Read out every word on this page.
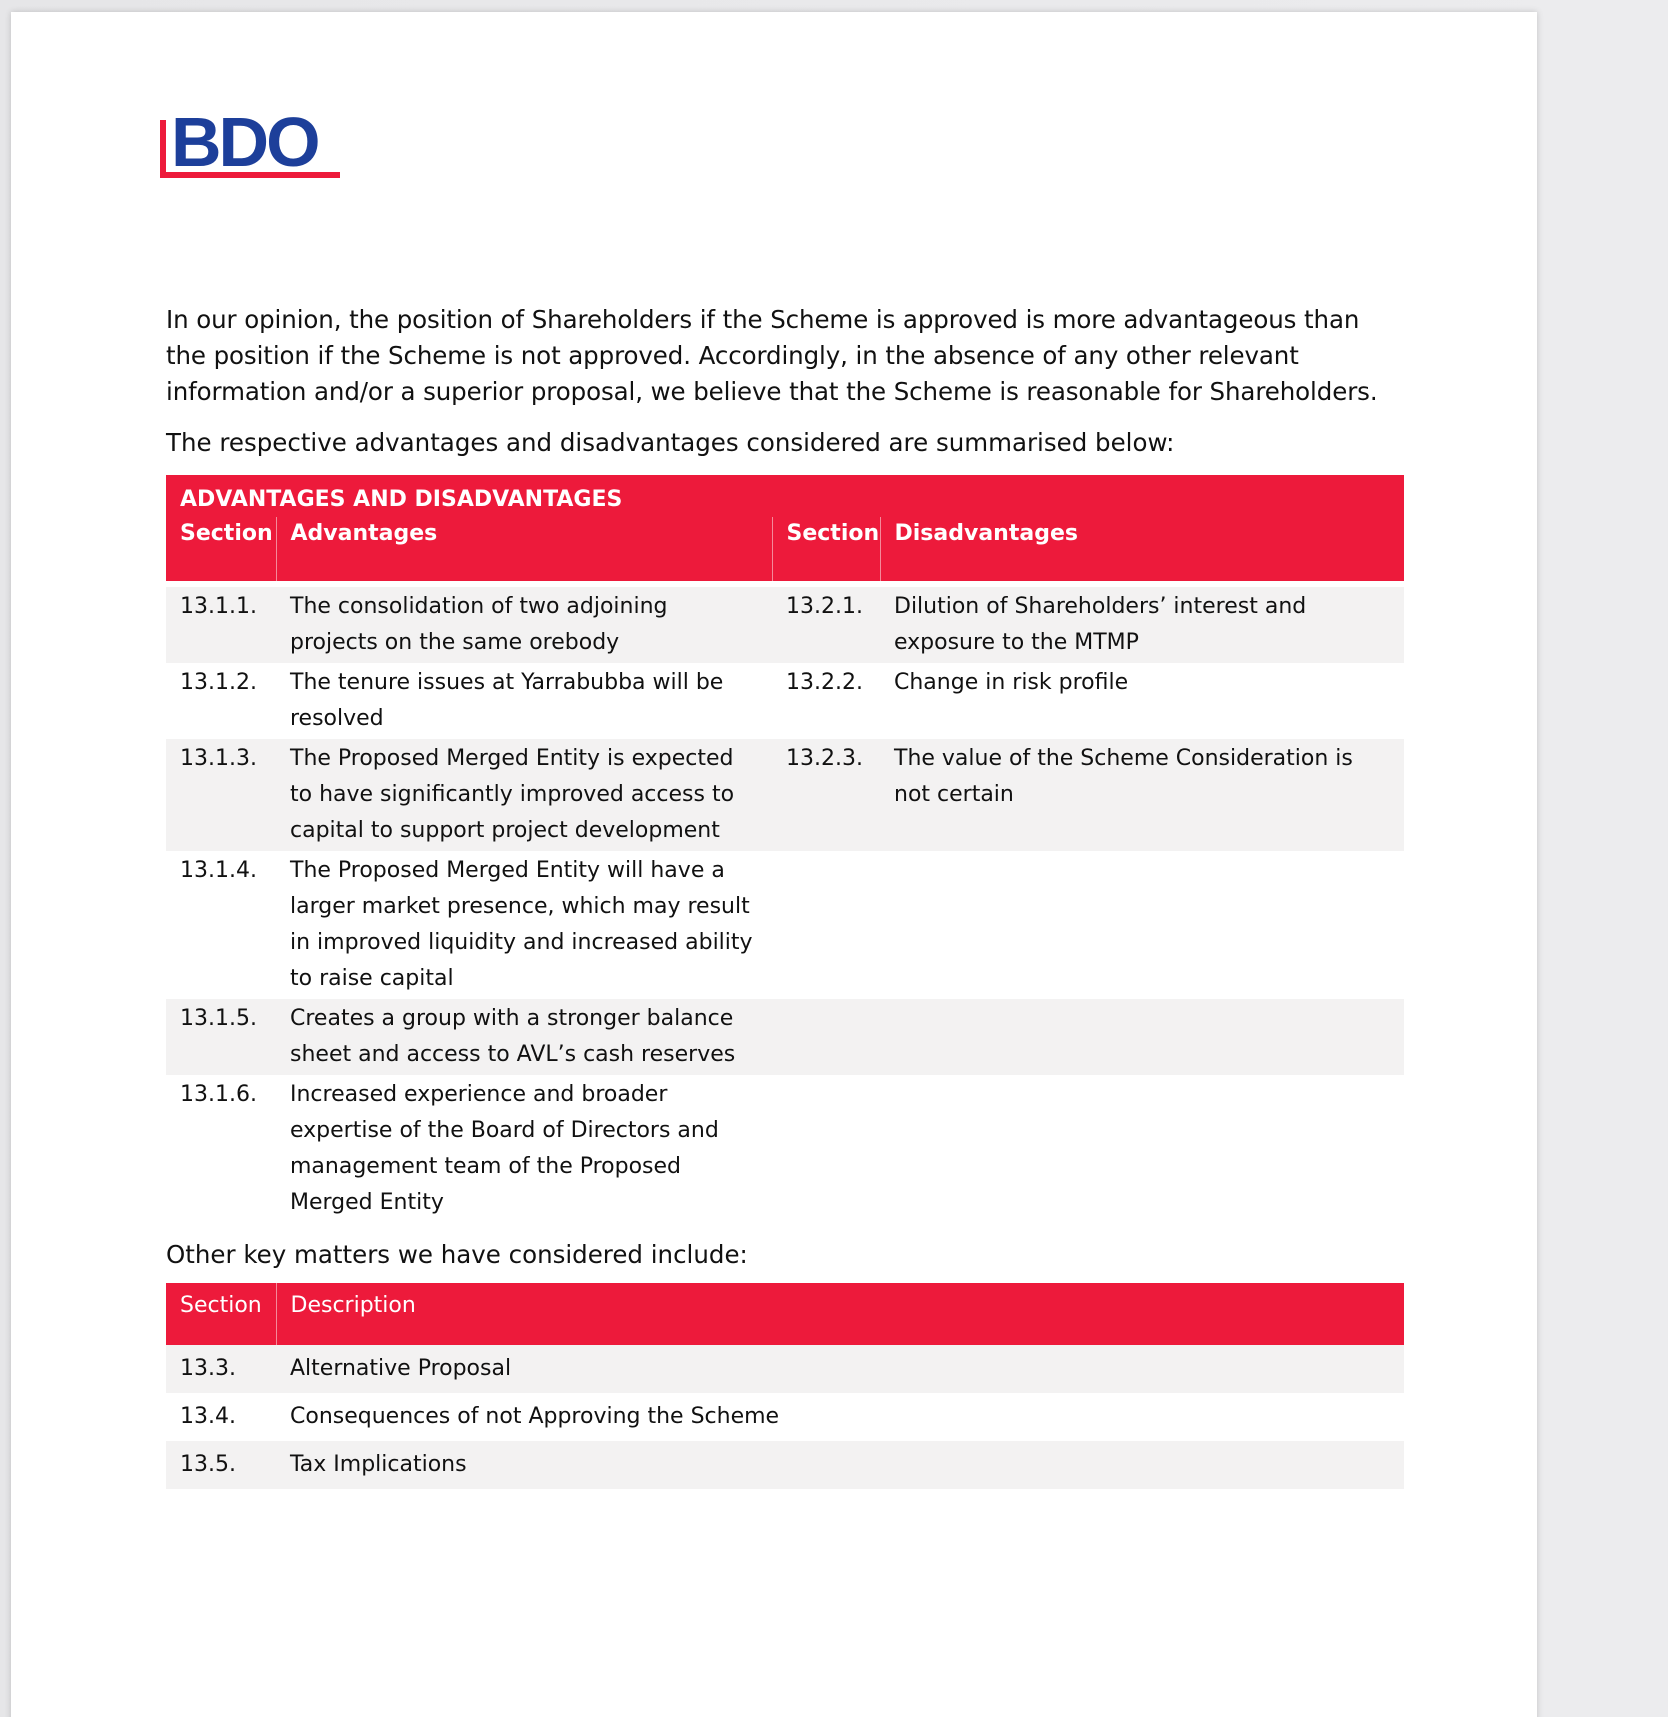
BDO

In our opinion, the position of Shareholders if the Scheme is approved is more advantageous than the position if the Scheme is not approved. Accordingly, in the absence of any other relevant information and/or a superior proposal, we believe that the Scheme is reasonable for Shareholders.

The respective advantages and disadvantages considered are summarised below:

ADVANTAGES AND DISADVANTAGES			
Section	Advantages	Section	Disadvantages

13.1.1.	The consolidation of two adjoining projects on the same orebody	13.2.1.	Dilution of Shareholders’ interest and exposure to the MTMP
13.1.2.	The tenure issues at Yarrabubba will be resolved	13.2.2.	Change in risk profile
13.1.3.	The Proposed Merged Entity is expected to have significantly improved access to capital to support project development	13.2.3.	The value of the Scheme Consideration is not certain
13.1.4.	The Proposed Merged Entity will have a larger market presence, which may result in improved liquidity and increased ability to raise capital		
13.1.5.	Creates a group with a stronger balance sheet and access to AVL’s cash reserves		
13.1.6.	Increased experience and broader expertise of the Board of Directors and management team of the Proposed Merged Entity		

Other key matters we have considered include:

Section	Description
13.3.	Alternative Proposal
13.4.	Consequences of not Approving the Scheme
13.5.	Tax Implications
